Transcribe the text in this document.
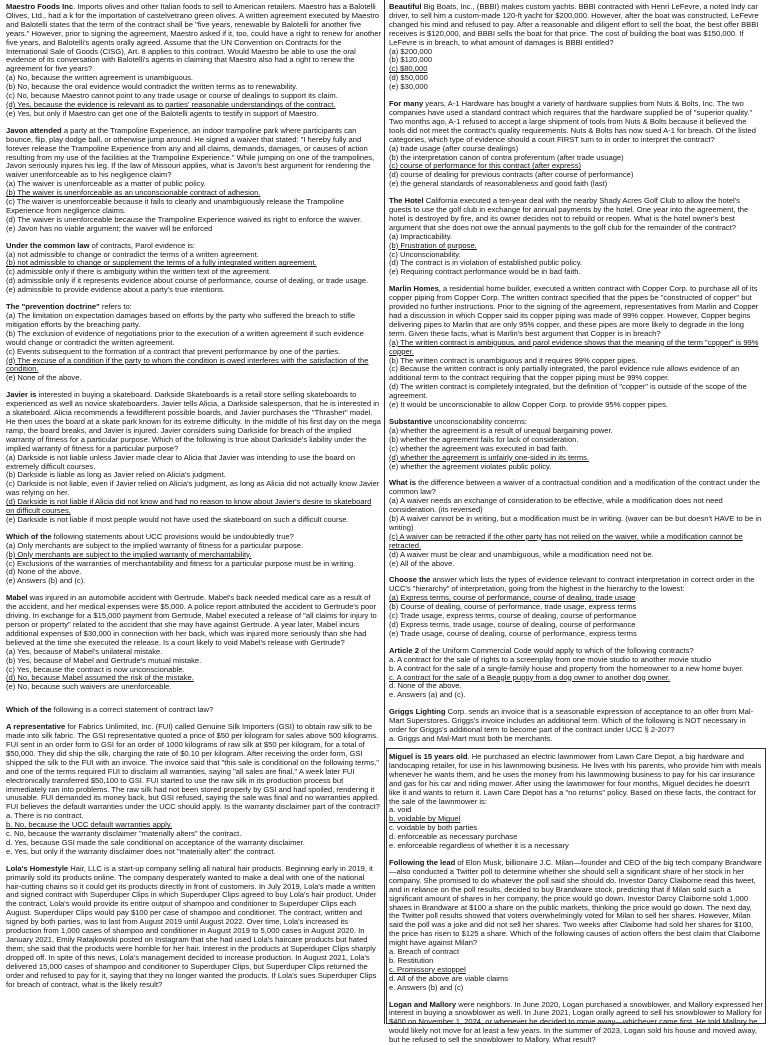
Maestro Foods Inc. Imports olives and other Italian foods to sell to American retailers. Maestro has a Balotelli Olives, Ltd., had a k for the importation of castelvetrano green olives. A written agreement executed by Maestro and Balotelli states that the term of the contract shall be "five years, renewable by Balotelli for another five years." However, prior to signing the agreement, Maestro asked if it, too, could have a right to renew for another five years, and Balotelli's agents orally agreed. Assume that the UN Convention on Contracts for the International Sale of Goods (CISG), Art. 8 applies to this contract. Would Maestro be able to use the oral evidence of its conversation with Balotelli's agents in claiming that Maestro also had a right to renew the agreement for five years?

(a) No, because the written agreement is unambiguous.
(b) No, because the oral evidence would contradict the written terms as to renewability.
(c) No, because Maestro cannot point to any trade usage or course of dealings to support its claim.
(d) Yes, because the evidence is relevant as to parties' reasonable understandings of the contract.
(e) Yes, but only if Maestro can get one of the Balotelli agents to testify in support of Maestro.

Javon attended a party at the Trampoline Experience, an indoor trampoline park where participants can bounce, flip, play dodge ball, or otherwise jump around. He signed a waiver that stated: "I hereby fully and forever release the Trampoline Experience from any and all claims, demands, damages, or causes of action resulting from my use of the facilities at the Trampoline Experience." While jumping on one of the trampolines, Javon seriously injures his leg. If the law of Missouri applies, what is Javon's best argument for rendering the waiver unenforceable as to his negligence claim?

(a) The waiver is unenforceable as a matter of public policy.
(b) The waiver is unenforceable as an unconscionable contract of adhesion.
(c) The waiver is unenforceable because it fails to clearly and unambiguously release the Trampoline Experience from negligence claims.
(d) The waiver is unenforceable because the Trampoline Experience waived its right to enforce the waiver.
(e) Javon has no viable argument; the waiver will be enforced

Under the common law of contracts, Parol evidence is:

(a) not admissible to change or contradict the terms of a written agreement.
(b) not admissible to change or supplement the terms of a fully integrated written agreement.
(c) admissible only if there is ambiguity within the written text of the agreement.
(d) admissible only if it represents evidence about course of performance, course of dealing, or trade usage.
(e) admissible to provide evidence about a party's true intentions.

The "prevention doctrine" refers to:

(a) The limitation on expectation damages based on efforts by the party who suffered the breach to stifle mitigation efforts by the breaching party.
(b) The exclusion of evidence of negotiations prior to the execution of a written agreement if such evidence would change or contradict the written agreement.
(c) Events subsequent to the formation of a contract that prevent performance by one of the parties.
(d) The excuse of a condition if the party to whom the condition is owed interferes with the satisfaction of the condition.
(e) None of the above.

Javier is interested in buying a skateboard. Darkside Skateboards is a retail store selling skateboards to experienced as well as novice skateboarders. Javier tells Alicia, a Darkside salesperson, that he is interested in a skateboard. Alicia recommends a fewdifferent possible boards, and Javier purchases the "Thrasher" model. He then uses the board at a skate park known for its extreme difficulty. In the middle of his first day on the mega ramp, the board breaks, and Javier is injured. Javier considers suing Darkside for breach of the implied warranty of fitness for a particular purpose. Which of the following is true about Darkside's liability under the implied warranty of fitness for a particular purpose?

(a) Darkside is not liable unless Javier made clear to Alicia that Javier was intending to use the board on extremely difficult courses.
(b) Darkside is liable as long as Javier relied on Alicia's judgment.
(c) Darkside is not liable, even if Javier relied on Alicia's judgment, as long as Alicia did not actually know Javier was relying on her.
(d) Darkside is not liable if Alicia did not know and had no reason to know about Javier's desire to skateboard on difficult courses.
(e) Darkside is not liable if most people would not have used the skateboard on such a difficult course.

Which of the following statements about UCC provisions would be undoubtedly true?

(a) Only merchants are subject to the implied warranty of fitness for a particular purpose.
(b) Only merchants are subject to the implied warranty of merchantability.
(c) Exclusions of the warranties of merchantability and fitness for a particular purpose must be in writing.
(d) None of the above.
(e) Answers (b) and (c).

Mabel was injured in an automobile accident with Gertrude. Mabel's back needed medical care as a result of the accident, and her medical expenses were $5,000. A police report attributed the accident to Gertrude's poor driving. In exchange for a $15,000 payment from Gertrude, Mabel executed a release of "all claims for injury to person or property" related to the accident that she may have against Gertrude. A year later, Mabel incurs additional expenses of $30,000 in connection with her back, which was injured more seriously than she had believed at the time she executed the release. Is a court likely to void Mabel's release with Gertrude?

(a) Yes, because of Mabel's unilateral mistake.
(b) Yes, because of Mabel and Gertrude's mutual mistake.
(c) Yes, because the contract is now unconscionable.
(d) No, because Mabel assumed the risk of the mistake.
(e) No, because such waivers are unenforceable.

Which of the following is a correct statement of contract law?

A representative for Fabrics Unlimited, Inc. (FUI) called Genuine Silk Importers (GSI) to obtain raw silk to be made into silk fabric. The GSI representative quoted a price of $50 per kilogram for sales above 500 kilograms. FUI sent in an order form to GSI for an order of 1000 kilograms of raw silk at $50 per kilogram, for a total of $50,000. They did ship the silk, charging the rate of $0.10 per kilogram. After receiving the order form, GSI shipped the silk to the FUI with an invoice. The invoice said that "this sale is conditional on the following terms," and one of the terms required FUI to disclaim all warranties, saying "all sales are final." A week later FUI electronically transferred $50,100 to GSI. FUI started to use the raw silk in its production process but immediately ran into problems. The raw silk had not been stored properly by GSI and had spoiled, rendering it unusable. FUI demanded its money back, but GSI refused, saying the sale was final and no warranties applied. FUI believes the default warranties under the UCC should apply. Is the warranty disclaimer part of the contract?

a. There is no contract.
b. No, because the UCC default warranties apply.
c. No, because the warranty disclaimer "materially alters" the contract.
d. Yes, because GSI made the sale conditional on acceptance of the warranty disclaimer.
e. Yes, but only if the warranty disclaimer does not "materially alter" the contract.

Lola's Homestyle Hair, LLC is a start-up company selling all natural hair products. Beginning early in 2019, it primarily sold its products online. The company desperately wanted to make a deal with one of the national hair-cutting chains so it could get its products directly in front of customers. In July 2019, Lola's made a written and signed contract with Superduper Clips in which Superduper Clips agreed to buy Lola's hair product. Under the contract, Lola's would provide its entire output of shampoo and conditioner to Superduper Clips each August. Superduper Clips would pay $100 per case of shampoo and conditioner. The contract, written and signed by both parties, was to last from August 2019 until August 2022. Over time, Lola's increased its production from 1,000 cases of shampoo and conditioner in August 2019 to 5,000 cases in August 2020. In January 2021, Emily Ratajkowski posted on Instagram that she had used Lola's haircare products but hated them; she said that the products were horrible for her hair. Interest in the products at Superduper Clips sharply dropped off. In spite of this news, Lola's management decided to increase production. In August 2021, Lola's delivered 15,000 cases of shampoo and conditioner to Superduper Clips, but Superduper Clips returned the order and refused to pay for it, saying that they no longer wanted the products. If Lola's sues Superduper Clips for breach of contract, what is the likely result?

Beautiful Big Boats, Inc., (BBBI) makes custom yachts. BBBI contracted with Henri LeFevre, a noted Indy car driver, to sell him a custom-made 120-ft yacht for $200,000. However, after the boat was constructed, LeFevre changed his mind and refused to pay. After a reasonable and diligent effort to sell the boat, the best offer BBBI receives is $120,000, and BBBI sells the boat for that price. The cost of building the boat was $150,000. If LeFevre is in breach, to what amount of damages is BBBI entitled?

(a) $200,000
(b) $120,000
(c) $80,000
(d) $50,000
(e) $30,000

For many years, A-1 Hardware has bought a variety of hardware supplies from Nuts & Bolts, Inc. The two companies have used a standard contract which requires that the hardware supplied be of "superior quality." Two months ago, A-1 refused to accept a large shipment of tools from Nuts & Bolts because it believed the tools did not meet the contract's quality requirements. Nuts & Bolts has now sued A-1 for breach. Of the listed categories, which type of evidence should a court FIRST turn to in order to interpret the contract?

(a) trade usage (after course dealings)
(b) the interpretation canon of contra proferentum (after trade usuage)
(c) course of performance for this contract (after express)
(d) course of dealing for previous contracts (after course of performance)
(e) the general standards of reasonableness and good faith (last)

The Hotel California executed a ten-year deal with the nearby Shady Acres Golf Club to allow the hotel's guests to use the golf club in exchange for annual payments by the hotel. One year into the agreement, the hotel is destroyed by fire, and its owner decides not to rebuild or reopen. What is the hotel owner's best argument that she does not owe the annual payments to the golf club for the remainder of the contract?

(a) Impracticability.
(b) Frustration of purpose.
(c) Unconscionability.
(d) The contract is in violation of established public policy.
(e) Requiring contract performance would be in bad faith.

Marlin Homes, a residential home builder, executed a written contract with Copper Corp. to purchase all of its copper piping from Copper Corp. The written contract specified that the pipes be "constructed of copper" but provided no further instructions. Prior to the signing of the agreement, representatives from Marlin and Copper had a discussion in which Copper said its copper piping was made of 99% copper. However, Copper begins delivering pipes to Marlin that are only 95% copper, and these pipes are more likely to degrade in the long term. Given these facts, what is Marlin's best argument that Copper is in breach?

(a) The written contract is ambiguous, and parol evidence shows that the meaning of the term "copper" is 99% copper.
(b) The written contract is unambiguous and it requires 99% copper pipes.
(c) Because the written contract is only partially integrated, the parol evidence rule allows evidence of an additional term to the contract requiring that the copper piping must be 99% copper.
(d) The written contract is completely integrated, but the definition of "copper" is outside of the scope of the agreement.
(e) It would be unconscionable to allow Copper Corp. to provide 95% copper pipes.

Substantive unconscionability concerns:

(a) whether the agreement is a result of unequal bargaining power.
(b) whether the agreement fails for lack of consideration.
(c) whether the agreement was executed in bad faith.
(d) whether the agreement is unfairly one-sided in its terms.
(e) whether the agreement violates public policy.

What is the difference between a waiver of a contractual condition and a modification of the contract under the common law?

(a) A waiver needs an exchange of consideration to be effective, while a modification does not need consideration. (its reversed)
(b) A waiver cannot be in writing, but a modification must be in writing. (waver can be but doesn't HAVE to be in writing)
(c) A waiver can be retracted if the other party has not relied on the waiver, while a modification cannot be retracted.
(d) A waiver must be clear and unambiguous, while a modification need not be.
(e) All of the above.

Choose the answer which lists the types of evidence relevant to contract interpretation in correct order in the UCC's "hierarchy" of interpretation, going from the highest in the hierarchy to the lowest:

(a) Express terms, course of performance, course of dealing, trade usage
(b) Course of dealing, course of performance, trade usage, express terms
(c) Trade usage, express terms, course of dealing, course of performance
(d) Express terms, trade usage, course of dealing, course of performance
(e) Trade usage, course of dealing, course of performance, express terms

Article 2 of the Uniform Commercial Code would apply to which of the following contracts?

a. A contract for the sale of rights to a screenplay from one movie studio to another movie studio
b. A contract for the sale of a single-family house and property from the homeowner to a new home buyer.
c. A contract for the sale of a Beagle puppy from a dog owner to another dog owner.
d. None of the above.
e. Answers (a) and (c).

Griggs Lighting Corp. sends an invoice that is a seasonable expression of acceptance to an offer from Mal-Mart Superstores. Griggs's invoice includes an additional term. Which of the following is NOT necessary in order for Griggs's additional term to become part of the contract under UCC § 2-207?

a. Griggs and Mal-Mart must both be merchants.

Miguel is 15 years old. He purchased an electric lawnmower from Lawn Care Depot, a big hardware and landscaping retailer, for use in his lawnmowing business. He lives with his parents, who provide him with meals whenever he wants them, and he uses the money from his lawnmowing business to pay for his car insurance and gas for his car and riding mower. After using the lawnmower for four months, Miguel decides he doesn't like it and wants to return it. Lawn Care Depot has a "no returns" policy. Based on these facts, the contract for the sale of the lawnmower is:

a. void
b. voidable by Miguel
c. voidable by both parties
d. enforceable as necessary purchase
e. enforceable regardless of whether it is a necessary

Following the lead of Elon Musk, billionaire J.C. Milan—founder and CEO of the big tech company Brandware—also conducted a Twitter poll to determine whether she should sell a significant share of her stock in her company. She promised to do whatever the poll said she should do. Investor Darcy Claiborne read this tweet, and in reliance on the poll results, decided to buy Brandware stock, predicting that if Milan sold such a significant amount of shares in her company, the price would go down. Investor Darcy Claiborne sold 1,000 shares in Brandware at $100 a share on the public markets, thinking the price would go down. The next day, the Twitter poll results showed that voters overwhelmingly voted for Milan to sell her shares. However, Milan said the poll was a joke and did not sell her shares. Two weeks after Claiborne had sold her shares for $100, the price has risen to $125 a share. Which of the following causes of action offers the best claim that Claiborne might have against Milan?

a. Breach of contract
b. Restitution
c. Promissory estoppel
d. All of the above are viable claims
e. Answers (b) and (c)

Logan and Mallory were neighbors. In June 2020, Logan purchased a snowblower, and Mallory expressed her interest in buying a snowblower as well. In June 2021, Logan orally agreed to sell his snowblower to Mallory for $400 on November 1, 2024, or whenever he decided to move away—whichever came first. He told Mallory he would likely not move for at least a few years. In the summer of 2023, Logan sold his house and moved away, but he refused to sell the snowblower to Mallory. What result?
